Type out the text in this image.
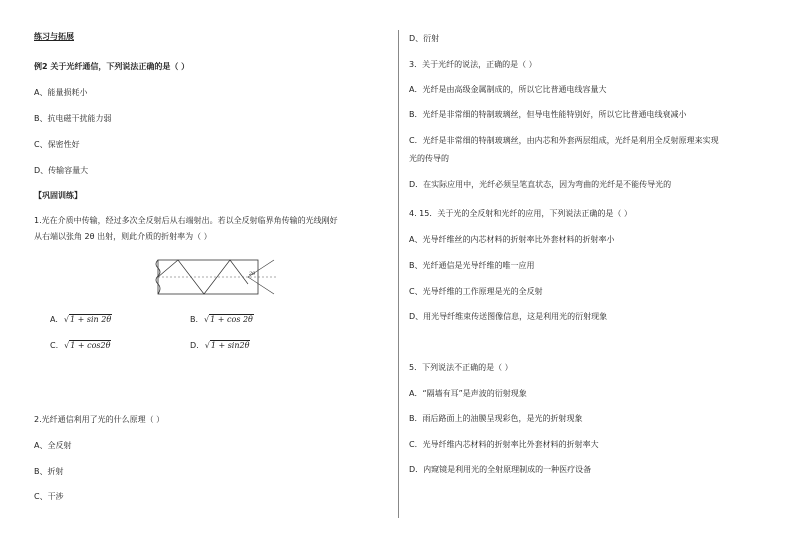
练习与拓展
例2 关于光纤通信，下列说法正确的是（ ）
A、能量损耗小
B、抗电磁干扰能力弱
C、保密性好
D、传输容量大
【巩固训练】
1.光在介质中传输，经过多次全反射后从右端射出。若以全反射临界角传输的光线刚好
从右端以张角 2θ 出射，则此介质的折射率为（ ）
2θ
A. √1 + sin 2θ	B. √1 + cos 2θ
C. √1 + cos2θ	D. √1 + sin2θ
2.光纤通信利用了光的什么原理（ ）
A、全反射
B、折射
C、干涉
D、衍射
3．关于光纤的说法，正确的是（ ）
A．光纤是由高级金属制成的，所以它比普通电线容量大
B．光纤是非常细的特制玻璃丝，但导电性能特别好，所以它比普通电线衰减小
C．光纤是非常细的特制玻璃丝，由内芯和外套两层组成，光纤是利用全反射原理来实现
光的传导的
D．在实际应用中，光纤必须呈笔直状态，因为弯曲的光纤是不能传导光的
4. 15．关于光的全反射和光纤的应用，下列说法正确的是（ ）
A、光导纤维丝的内芯材料的折射率比外套材料的折射率小
B、光纤通信是光导纤维的唯一应用
C、光导纤维的工作原理是光的全反射
D、用光导纤维束传送图像信息，这是利用光的衍射现象
5．下列说法不正确的是（ ）
A．“隔墙有耳”是声波的衍射现象
B．雨后路面上的油膜呈现彩色，是光的折射现象
C．光导纤维内芯材料的折射率比外套材料的折射率大
D．内窥镜是利用光的全射原理制成的一种医疗设备
